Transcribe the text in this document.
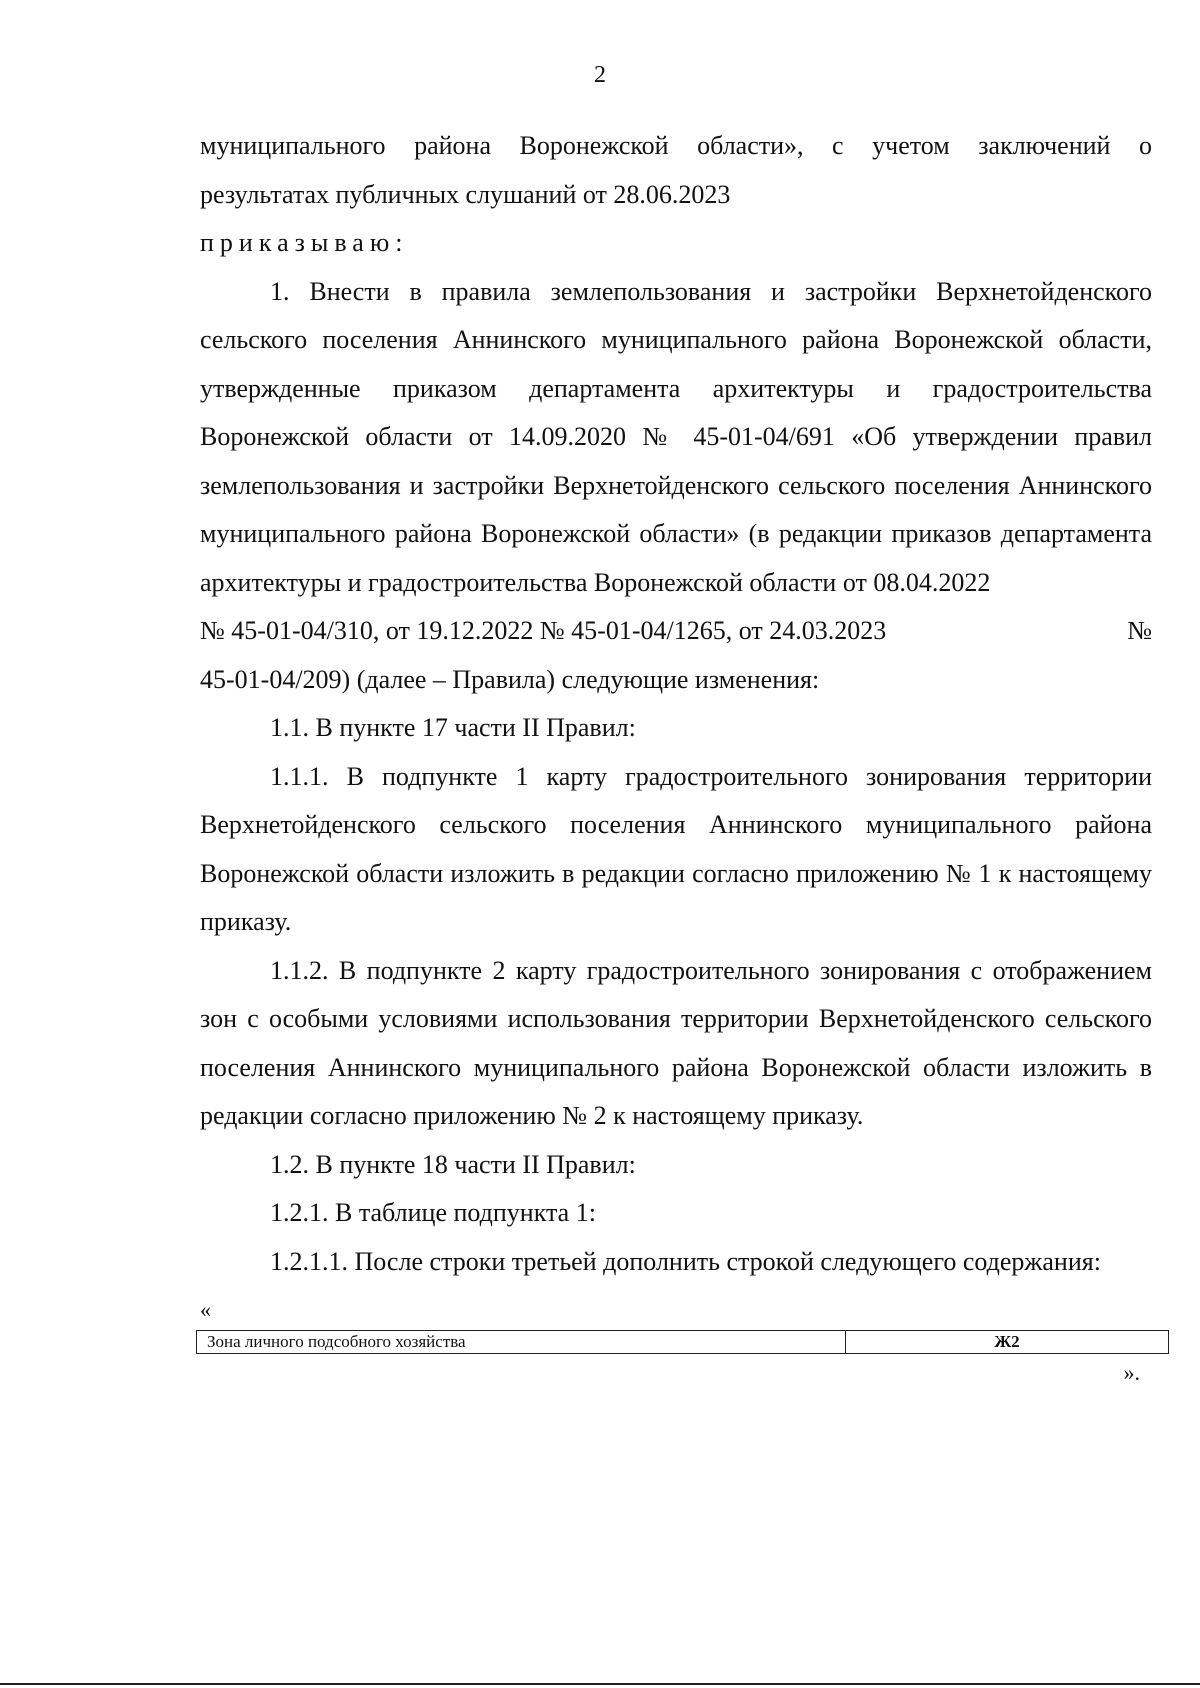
2

муниципального района Воронежской области», с учетом заключений о

результатах публичных слушаний от 28.06.2023

приказываю:

1. Внести в правила землепользования и застройки Верхнетойденского сельского поселения Аннинского муниципального района Воронежской области, утвержденные приказом департамента архитектуры и градостроительства Воронежской области от 14.09.2020 № 45-01-04/691 «Об утверждении правил землепользования и застройки Верхнетойденского сельского поселения Аннинского муниципального района Воронежской области» (в редакции приказов департамента архитектуры и градостроительства Воронежской области от 08.04.2022

№ 45-01-04/310, от 19.12.2022 № 45-01-04/1265, от 24.03.2023	№

45-01-04/209) (далее – Правила) следующие изменения:

1.1. В пункте 17 части II Правил:

1.1.1. В подпункте 1 карту градостроительного зонирования территории Верхнетойденского сельского поселения Аннинского муниципального района Воронежской области изложить в редакции согласно приложению № 1 к настоящему приказу.

1.1.2. В подпункте 2 карту градостроительного зонирования с отображением зон с особыми условиями использования территории Верхнетойденского сельского поселения Аннинского муниципального района Воронежской области изложить в редакции согласно приложению № 2 к настоящему приказу.

1.2. В пункте 18 части II Правил:

1.2.1. В таблице подпункта 1:

1.2.1.1. После строки третьей дополнить строкой следующего содержания:

«
Зона личного подсобного хозяйства	Ж2
».
